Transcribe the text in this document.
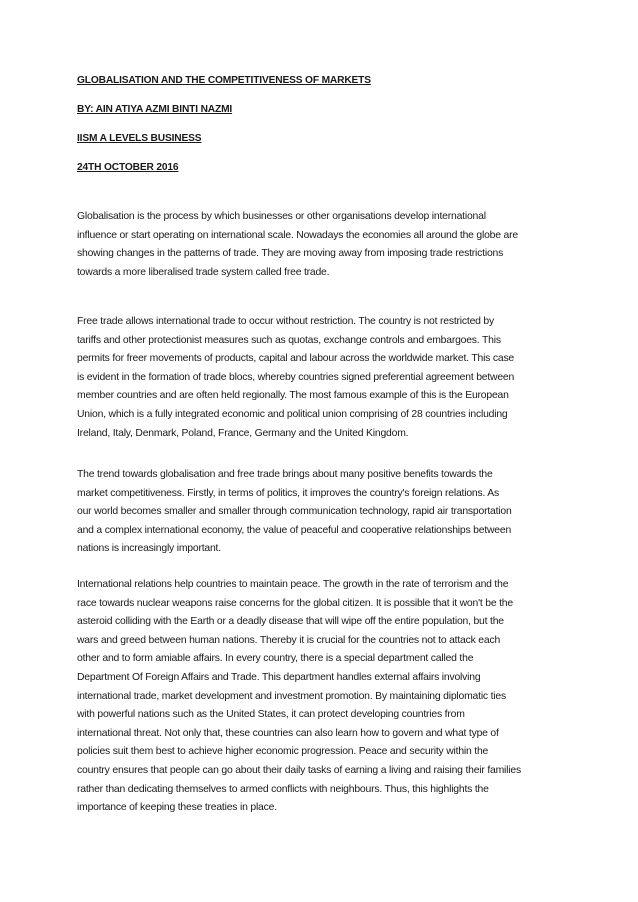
GLOBALISATION AND THE COMPETITIVENESS OF MARKETS
BY: AIN ATIYA AZMI BINTI NAZMI
IISM A LEVELS BUSINESS
24TH OCTOBER 2016
Globalisation is the process by which businesses or other organisations develop international
influence or start operating on international scale. Nowadays the economies all around the globe are
showing changes in the patterns of trade. They are moving away from imposing trade restrictions
towards a more liberalised trade system called free trade.
Free trade allows international trade to occur without restriction. The country is not restricted by
tariffs and other protectionist measures such as quotas, exchange controls and embargoes. This
permits for freer movements of products, capital and labour across the worldwide market. This case
is evident in the formation of trade blocs, whereby countries signed preferential agreement between
member countries and are often held regionally. The most famous example of this is the European
Union, which is a fully integrated economic and political union comprising of 28 countries including
Ireland, Italy, Denmark, Poland, France, Germany and the United Kingdom.
The trend towards globalisation and free trade brings about many positive benefits towards the
market competitiveness. Firstly, in terms of politics, it improves the country's foreign relations. As
our world becomes smaller and smaller through communication technology, rapid air transportation
and a complex international economy, the value of peaceful and cooperative relationships between
nations is increasingly important.
International relations help countries to maintain peace. The growth in the rate of terrorism and the
race towards nuclear weapons raise concerns for the global citizen. It is possible that it won't be the
asteroid colliding with the Earth or a deadly disease that will wipe off the entire population, but the
wars and greed between human nations. Thereby it is crucial for the countries not to attack each
other and to form amiable affairs. In every country, there is a special department called the
Department Of Foreign Affairs and Trade. This department handles external affairs involving
international trade, market development and investment promotion. By maintaining diplomatic ties
with powerful nations such as the United States, it can protect developing countries from
international threat. Not only that, these countries can also learn how to govern and what type of
policies suit them best to achieve higher economic progression. Peace and security within the
country ensures that people can go about their daily tasks of earning a living and raising their families
rather than dedicating themselves to armed conflicts with neighbours. Thus, this highlights the
importance of keeping these treaties in place.
